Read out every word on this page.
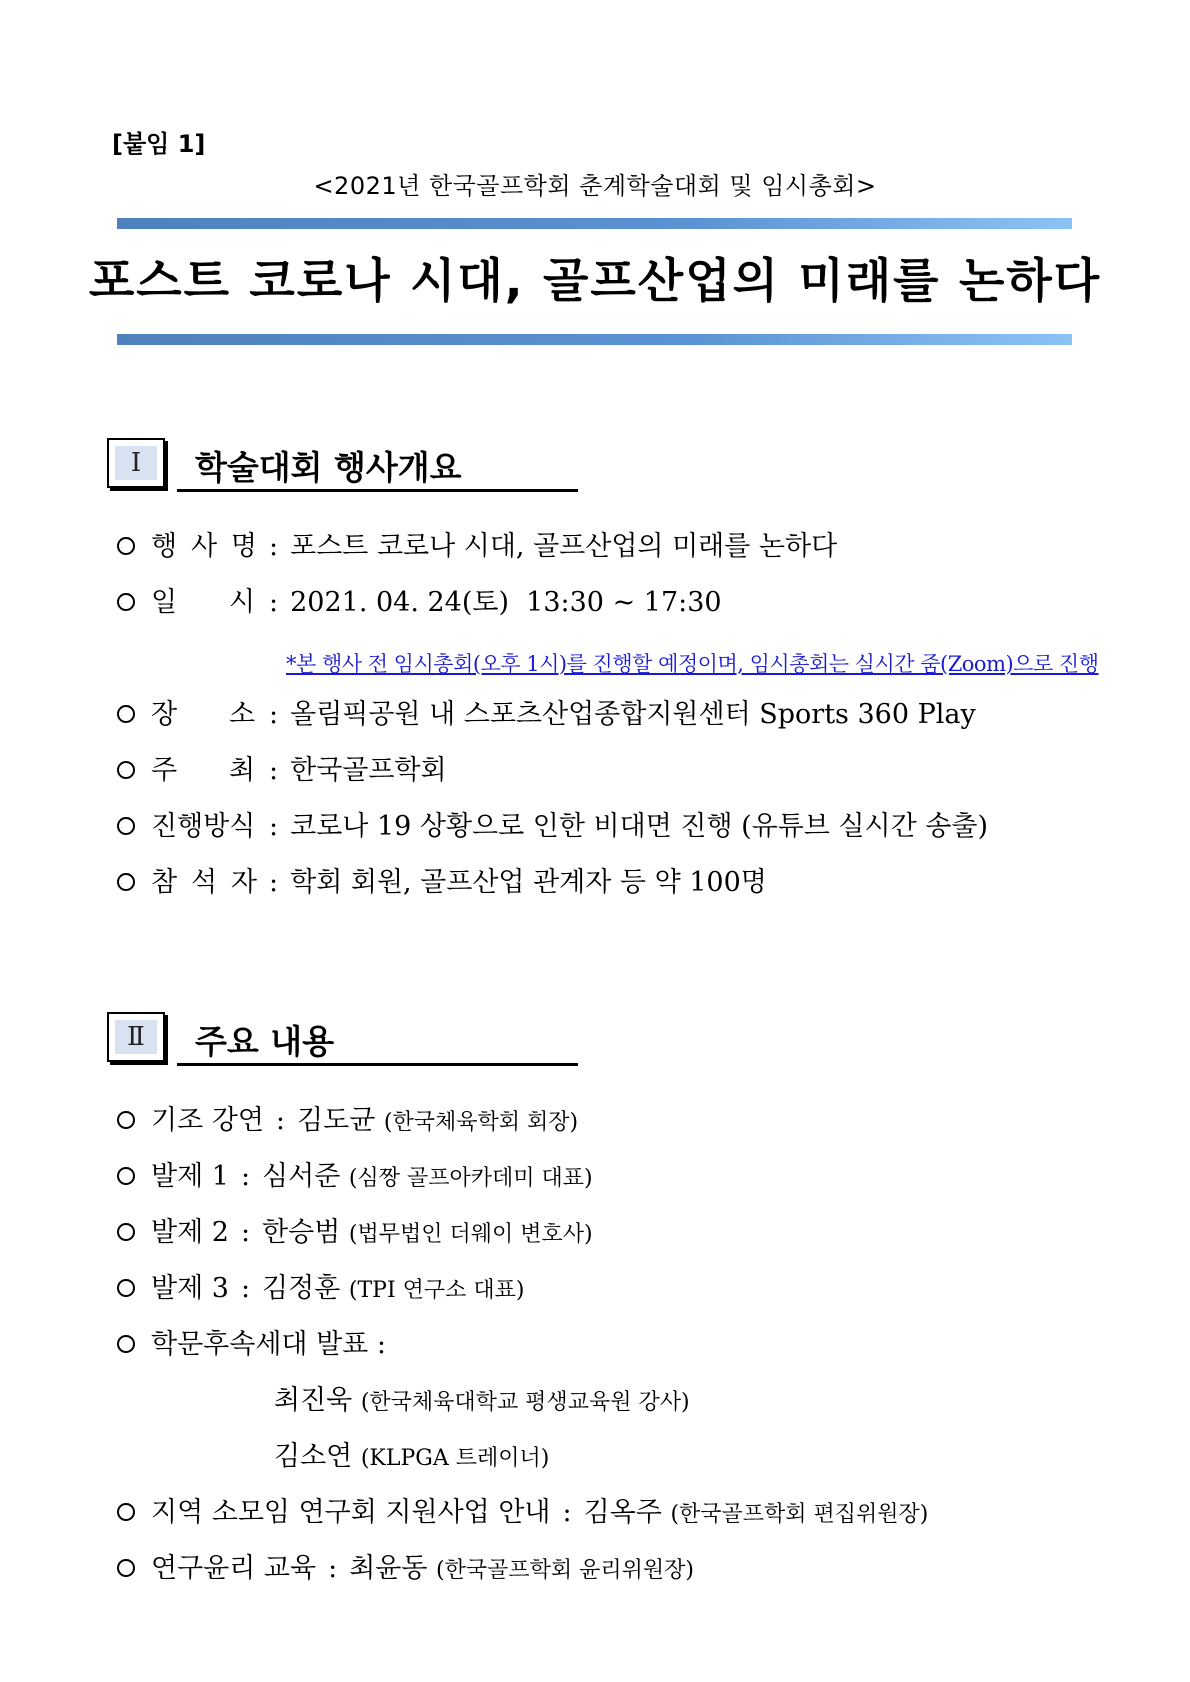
[붙임 1]
<2021년 한국골프학회 춘계학술대회 및 임시총회>
포스트 코로나 시대, 골프산업의 미래를 논하다
Ⅰ	학술대회 행사개요
행 사 명 : 포스트 코로나 시대, 골프산업의 미래를 논하다
일 시 : 2021. 04. 24(토)  13:30 ~ 17:30
*본 행사 전 임시총회(오후 1시)를 진행할 예정이며, 임시총회는 실시간 줌(Zoom)으로 진행
장 소 : 올림픽공원 내 스포츠산업종합지원센터 Sports 360 Play
주 최 : 한국골프학회
진행방식 : 코로나 19 상황으로 인한 비대면 진행 (유튜브 실시간 송출)
참 석 자 : 학회 회원, 골프산업 관계자 등 약 100명
Ⅱ	주요 내용
기조 강연 : 김도균 (한국체육학회 회장)
발제 1 : 심서준 (심짱 골프아카데미 대표)
발제 2 : 한승범 (법무법인 더웨이 변호사)
발제 3 : 김정훈 (TPI 연구소 대표)
학문후속세대 발표 :
최진욱 (한국체육대학교 평생교육원 강사)
김소연 (KLPGA 트레이너)
지역 소모임 연구회 지원사업 안내 : 김옥주 (한국골프학회 편집위원장)
연구윤리 교육 : 최윤동 (한국골프학회 윤리위원장)
